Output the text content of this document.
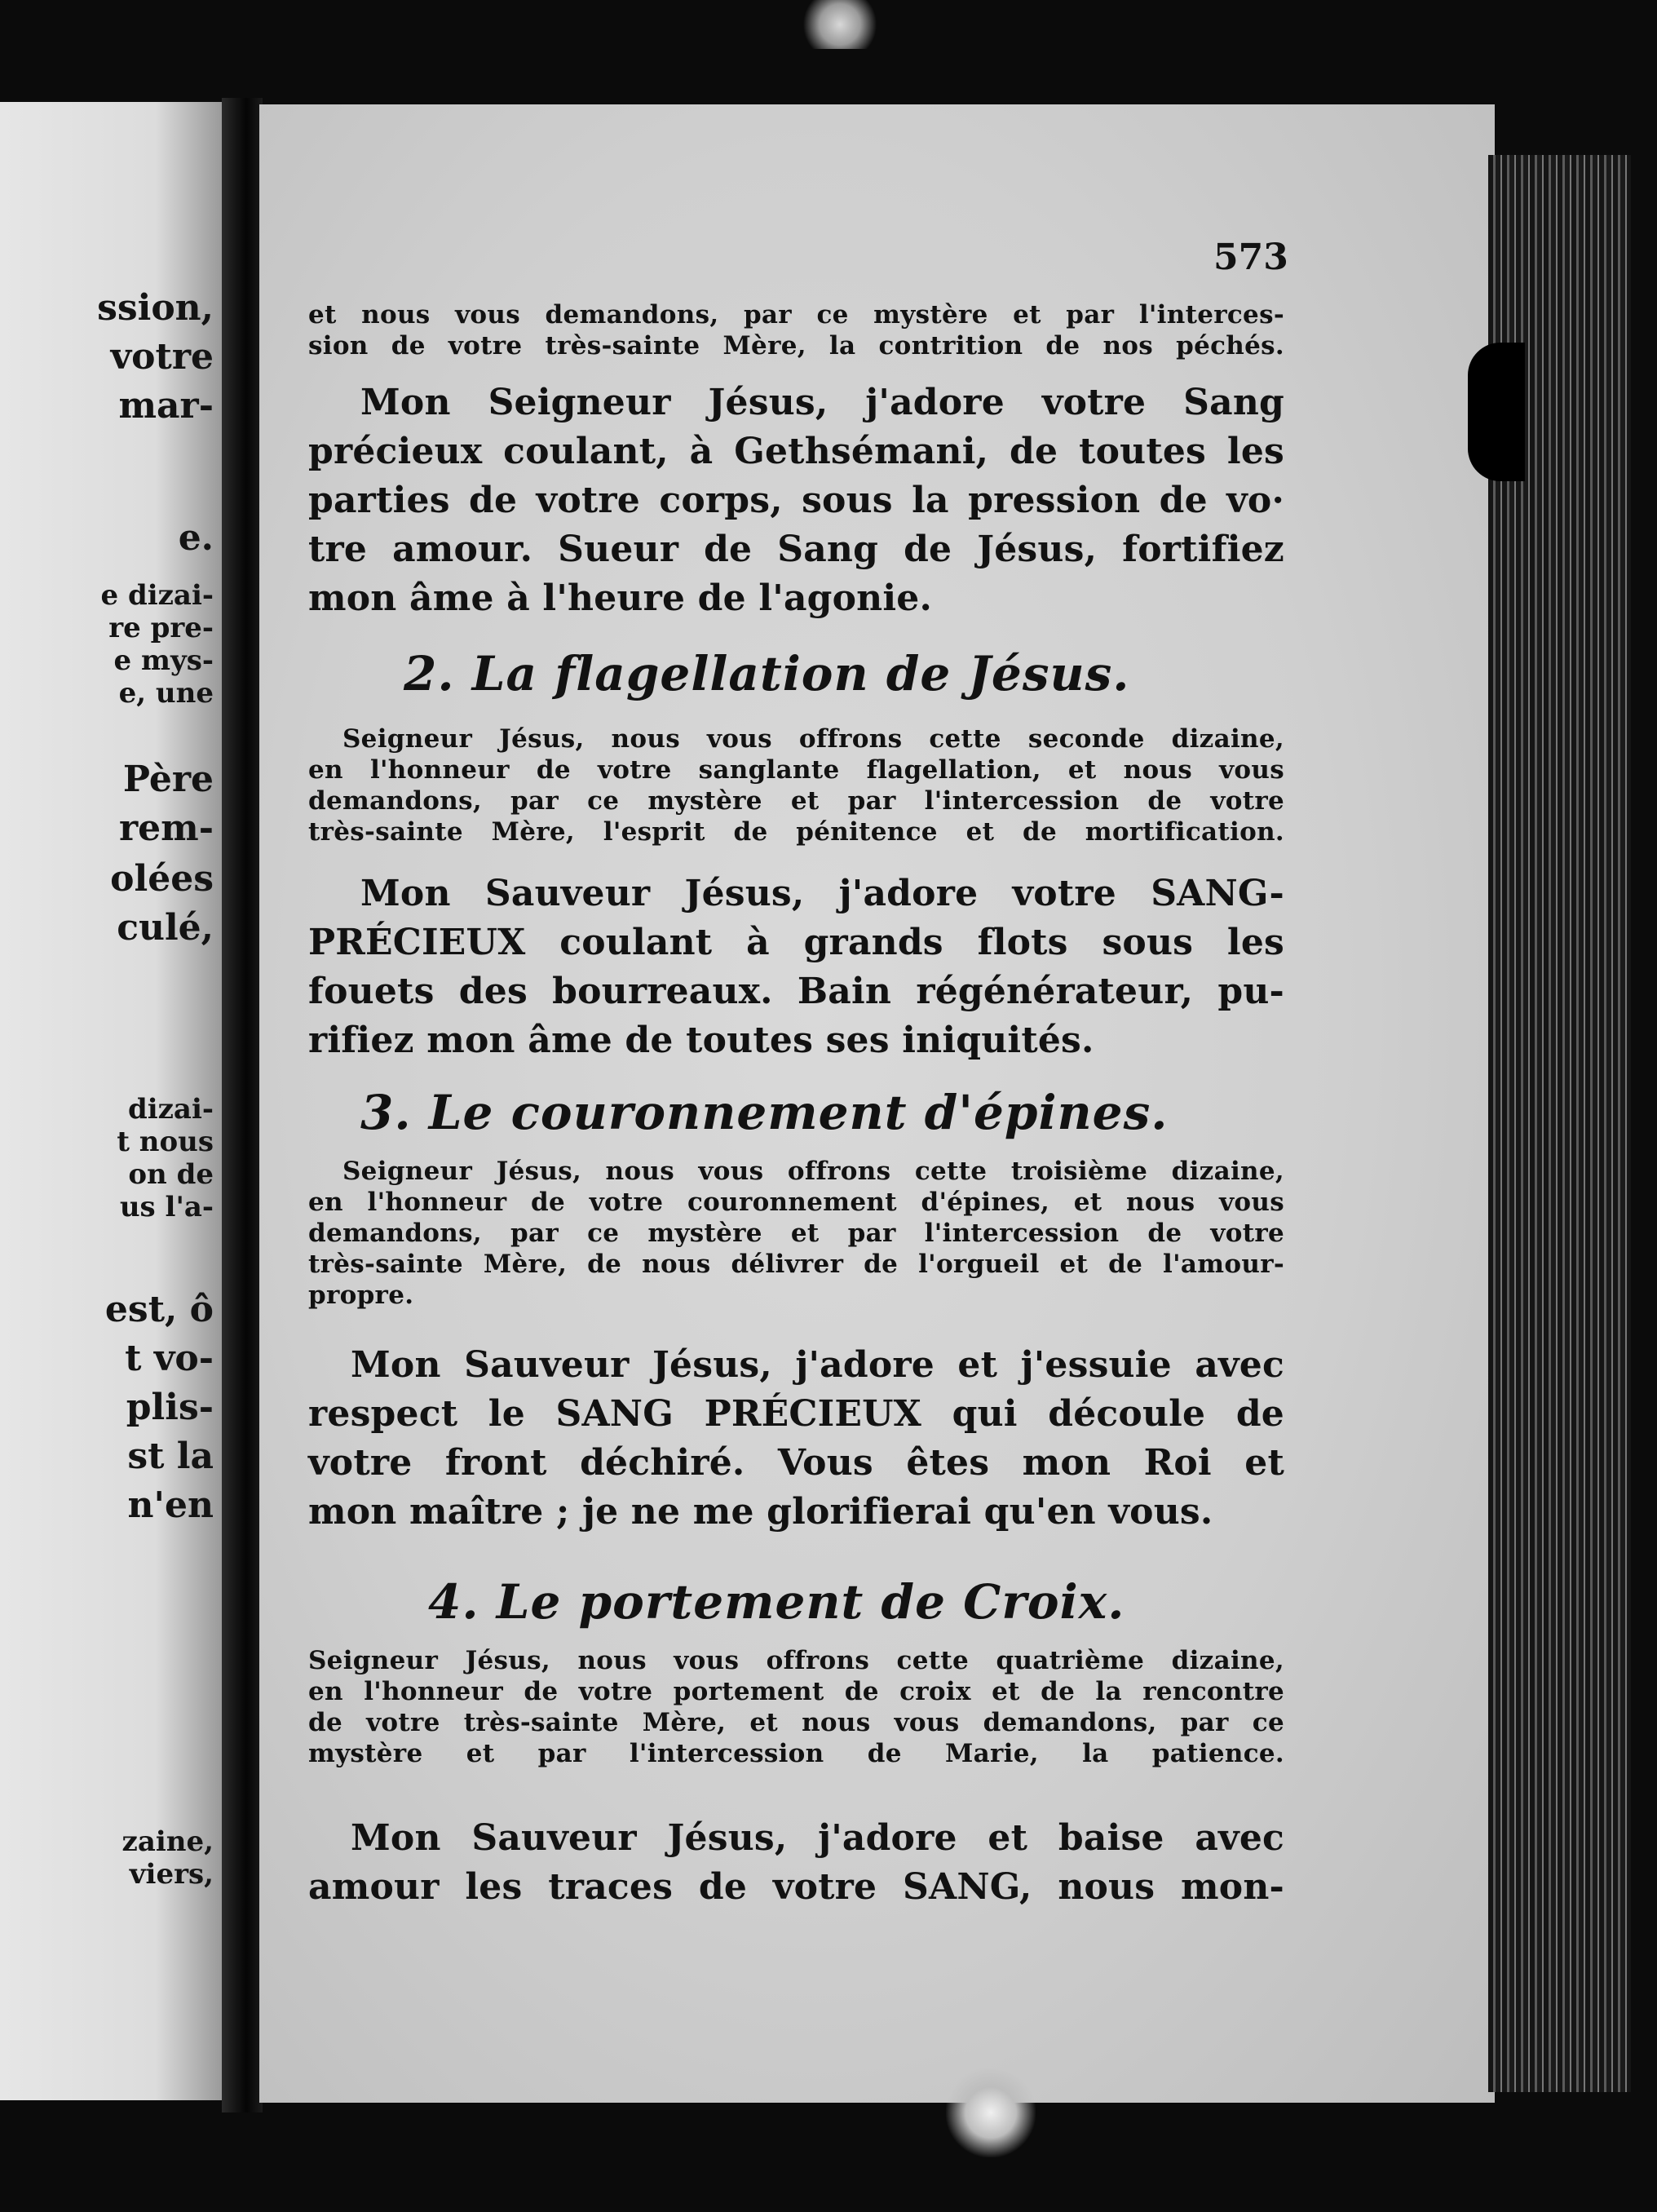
ssion,
votre
mar-
e.
e dizai-
re pre-
e mys-
e, une
Père
rem-
olées
culé,
dizai-
t nous
on de
us l'a-
est, ô
t vo-
plis-
st la
n'en
zaine,
viers,
573
et nous vous demandons, par ce mystère et par l'interces-
sion de votre très-sainte Mère, la contrition de nos péchés.
Mon Seigneur Jésus, j'adore votre Sang
précieux coulant, à Gethsémani, de toutes les
parties de votre corps, sous la pression de vo·
tre amour. Sueur de Sang de Jésus, fortifiez
mon âme à l'heure de l'agonie.
2. La flagellation de Jésus.
Seigneur Jésus, nous vous offrons cette seconde dizaine,
en l'honneur de votre sanglante flagellation, et nous vous
demandons, par ce mystère et par l'intercession de votre
très-sainte Mère, l'esprit de pénitence et de mortification.
Mon Sauveur Jésus, j'adore votre SANG-
PRÉCIEUX coulant à grands flots sous les
fouets des bourreaux. Bain régénérateur, pu-
rifiez mon âme de toutes ses iniquités.
3. Le couronnement d'épines.
Seigneur Jésus, nous vous offrons cette troisième dizaine,
en l'honneur de votre couronnement d'épines, et nous vous
demandons, par ce mystère et par l'intercession de votre
très-sainte Mère, de nous délivrer de l'orgueil et de l'amour-
propre.
Mon Sauveur Jésus, j'adore et j'essuie avec
respect le SANG PRÉCIEUX qui découle de
votre front déchiré. Vous êtes mon Roi et
mon maître ; je ne me glorifierai qu'en vous.
4. Le portement de Croix.
Seigneur Jésus, nous vous offrons cette quatrième dizaine,
en l'honneur de votre portement de croix et de la rencontre
de votre très-sainte Mère, et nous vous demandons, par ce
mystère et par l'intercession de Marie, la patience.
Mon Sauveur Jésus, j'adore et baise avec
amour les traces de votre SANG, nous mon-
